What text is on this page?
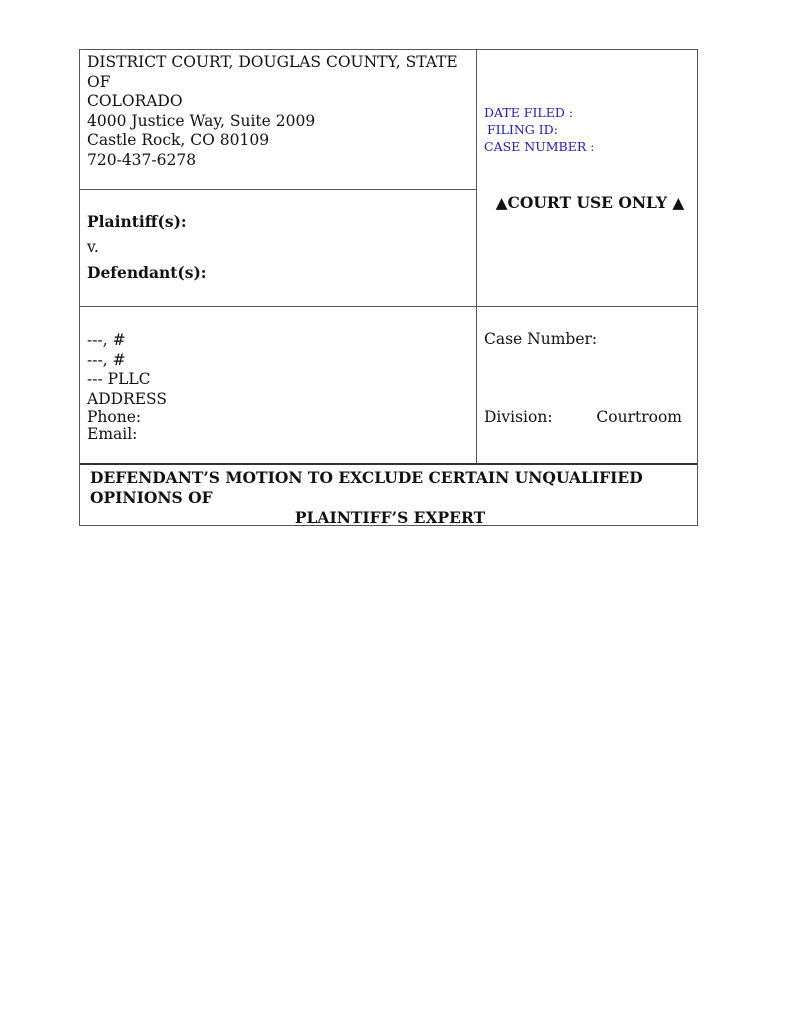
DISTRICT COURT, DOUGLAS COUNTY, STATE
OF
COLORADO
4000 Justice Way, Suite 2009
Castle Rock, CO 80109
720-437-6278
DATE FILED :
FILING ID:
CASE NUMBER :
▲COURT USE ONLY ▲
Plaintiff(s):
v.
Defendant(s):
---, #
---, #
--- PLLC
ADDRESS
Phone:
Email:
Case Number:
Division:	Courtroom
DEFENDANT’S MOTION TO EXCLUDE CERTAIN UNQUALIFIED
OPINIONS OF
PLAINTIFF’S EXPERT
